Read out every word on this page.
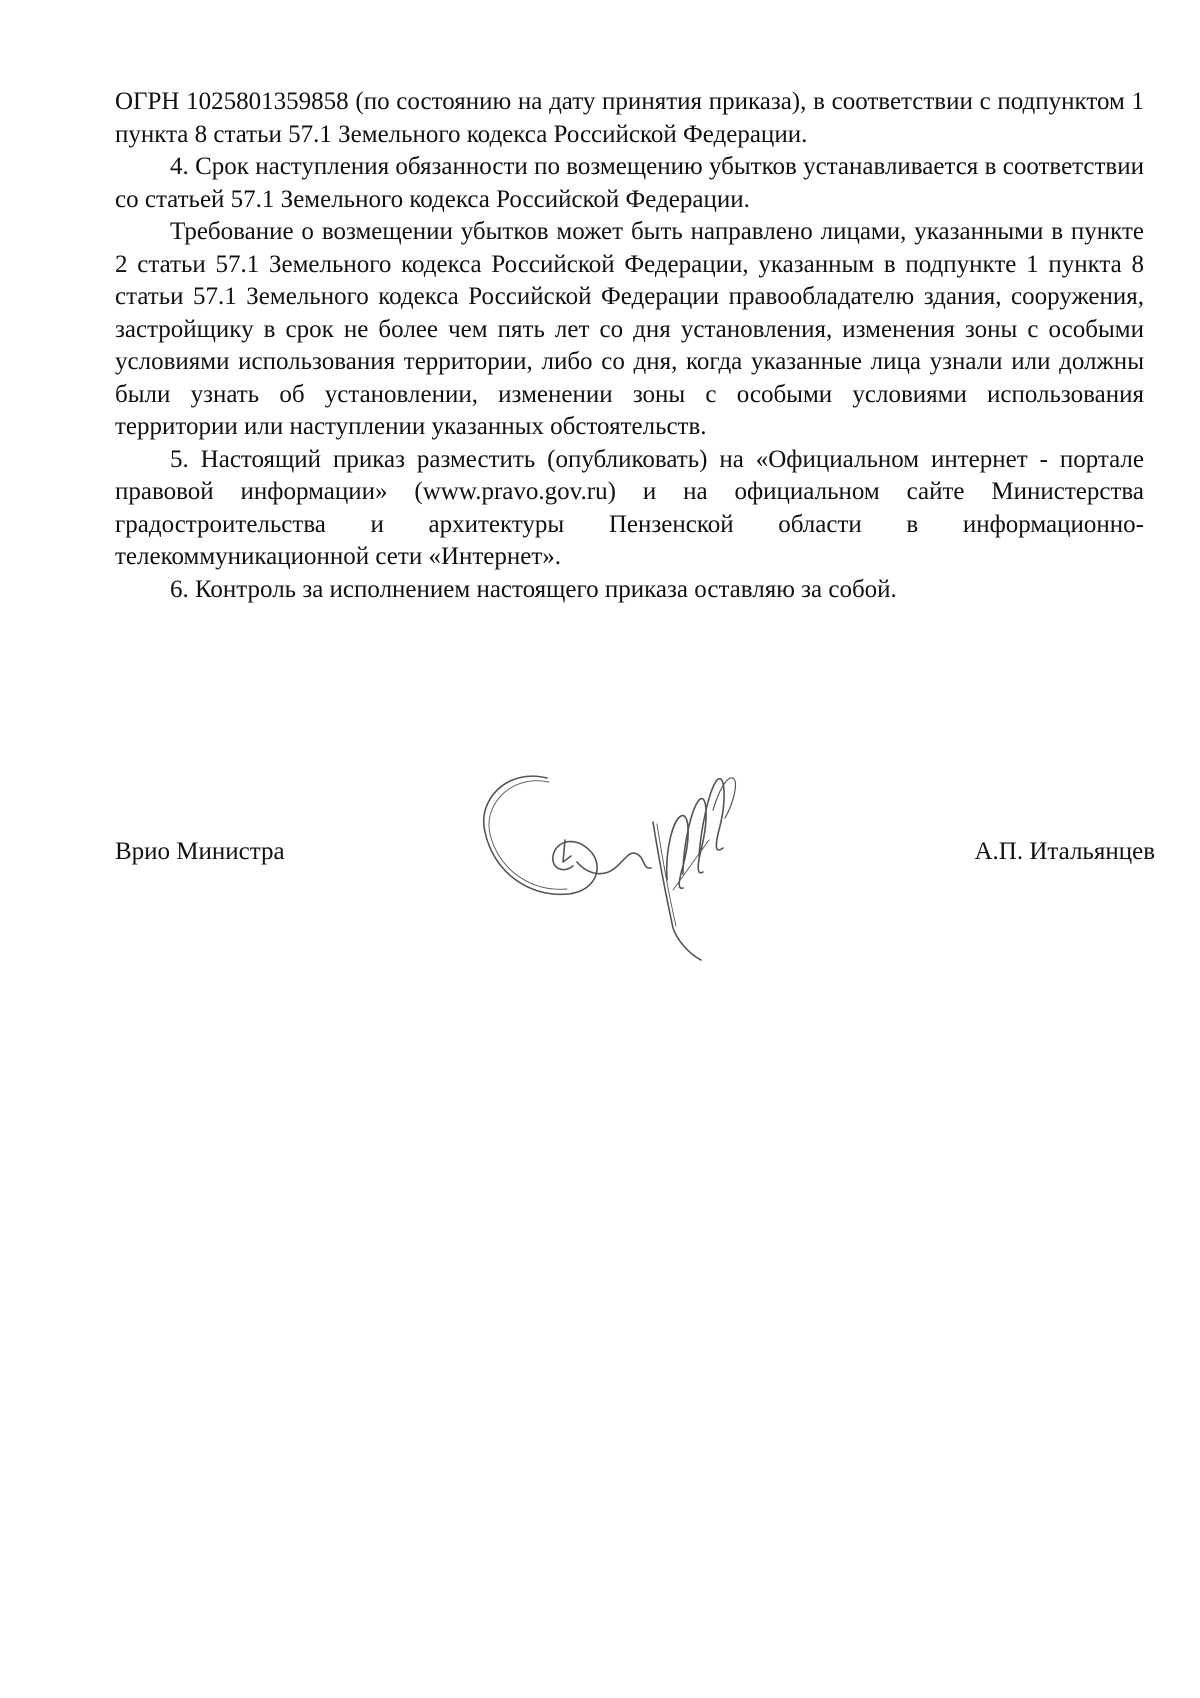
ОГРН 1025801359858 (по состоянию на дату принятия приказа), в соответствии с подпунктом 1 пункта 8 статьи 57.1 Земельного кодекса Российской Федерации.

4. Срок наступления обязанности по возмещению убытков устанавливается в соответствии со статьей 57.1 Земельного кодекса Российской Федерации.

Требование о возмещении убытков может быть направлено лицами, указанными в пункте 2 статьи 57.1 Земельного кодекса Российской Федерации, указанным в подпункте 1 пункта 8 статьи 57.1 Земельного кодекса Российской Федерации правообладателю здания, сооружения, застройщику в срок не более чем пять лет со дня установления, изменения зоны с особыми условиями использования территории, либо со дня, когда указанные лица узнали или должны были узнать об установлении, изменении зоны с особыми условиями использования территории или наступлении указанных обстоятельств.

5. Настоящий приказ разместить (опубликовать) на «Официальном интернет - портале правовой информации» (www.pravo.gov.ru) и на официальном сайте Министерства градостроительства и архитектуры Пензенской области в информационно-телекоммуникационной сети «Интернет».

6. Контроль за исполнением настоящего приказа оставляю за собой.

Врио Министра	А.П. Итальянцев
